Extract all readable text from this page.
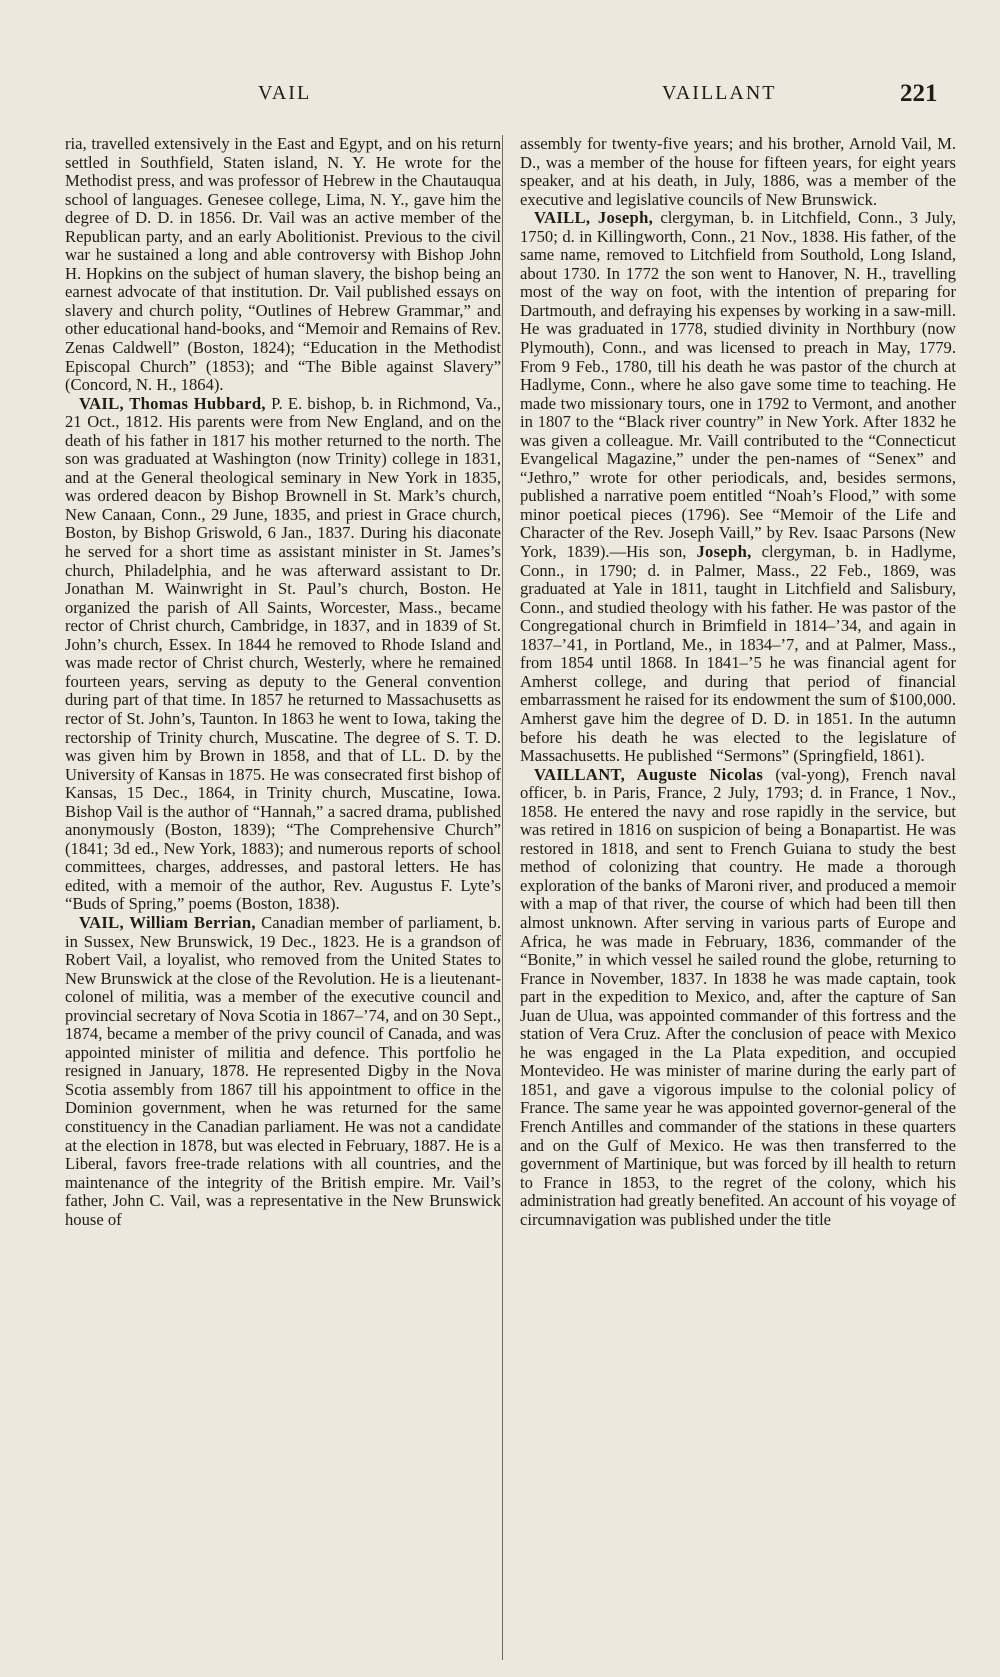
VAIL	VAILLANT	221

ria, travelled extensively in the East and Egypt, and on his return settled in Southfield, Staten island, N. Y. He wrote for the Methodist press, and was professor of Hebrew in the Chautauqua school of languages. Genesee college, Lima, N. Y., gave him the degree of D. D. in 1856. Dr. Vail was an active member of the Republican party, and an early Abolitionist. Previous to the civil war he sustained a long and able controversy with Bishop John H. Hopkins on the subject of human slavery, the bishop being an earnest advocate of that institution. Dr. Vail published essays on slavery and church polity, “Outlines of Hebrew Grammar,” and other educational hand-books, and “Memoir and Remains of Rev. Zenas Caldwell” (Boston, 1824); “Education in the Methodist Episcopal Church” (1853); and “The Bible against Slavery” (Concord, N. H., 1864).

VAIL, Thomas Hubbard, P. E. bishop, b. in Richmond, Va., 21 Oct., 1812. His parents were from New England, and on the death of his father in 1817 his mother returned to the north. The son was graduated at Washington (now Trinity) college in 1831, and at the General theological seminary in New York in 1835, was ordered deacon by Bishop Brownell in St. Mark’s church, New Canaan, Conn., 29 June, 1835, and priest in Grace church, Boston, by Bishop Griswold, 6 Jan., 1837. During his diaconate he served for a short time as assistant minister in St. James’s church, Philadelphia, and he was afterward assistant to Dr. Jonathan M. Wainwright in St. Paul’s church, Boston. He organized the parish of All Saints, Worcester, Mass., became rector of Christ church, Cambridge, in 1837, and in 1839 of St. John’s church, Essex. In 1844 he removed to Rhode Island and was made rector of Christ church, Westerly, where he remained fourteen years, serving as deputy to the General convention during part of that time. In 1857 he returned to Massachusetts as rector of St. John’s, Taunton. In 1863 he went to Iowa, taking the rectorship of Trinity church, Muscatine. The degree of S. T. D. was given him by Brown in 1858, and that of LL. D. by the University of Kansas in 1875. He was consecrated first bishop of Kansas, 15 Dec., 1864, in Trinity church, Muscatine, Iowa. Bishop Vail is the author of “Hannah,” a sacred drama, published anonymously (Boston, 1839); “The Comprehensive Church” (1841; 3d ed., New York, 1883); and numerous reports of school committees, charges, addresses, and pastoral letters. He has edited, with a memoir of the author, Rev. Augustus F. Lyte’s “Buds of Spring,” poems (Boston, 1838).

VAIL, William Berrian, Canadian member of parliament, b. in Sussex, New Brunswick, 19 Dec., 1823. He is a grandson of Robert Vail, a loyalist, who removed from the United States to New Brunswick at the close of the Revolution. He is a lieutenant-colonel of militia, was a member of the executive council and provincial secretary of Nova Scotia in 1867–’74, and on 30 Sept., 1874, became a member of the privy council of Canada, and was appointed minister of militia and defence. This portfolio he resigned in January, 1878. He represented Digby in the Nova Scotia assembly from 1867 till his appointment to office in the Dominion government, when he was returned for the same constituency in the Canadian parliament. He was not a candidate at the election in 1878, but was elected in February, 1887. He is a Liberal, favors free-trade relations with all countries, and the maintenance of the integrity of the British empire. Mr. Vail’s father, John C. Vail, was a representative in the New Brunswick house of

assembly for twenty-five years; and his brother, Arnold Vail, M. D., was a member of the house for fifteen years, for eight years speaker, and at his death, in July, 1886, was a member of the executive and legislative councils of New Brunswick.

VAILL, Joseph, clergyman, b. in Litchfield, Conn., 3 July, 1750; d. in Killingworth, Conn., 21 Nov., 1838. His father, of the same name, removed to Litchfield from Southold, Long Island, about 1730. In 1772 the son went to Hanover, N. H., travelling most of the way on foot, with the intention of preparing for Dartmouth, and defraying his expenses by working in a saw-mill. He was graduated in 1778, studied divinity in Northbury (now Plymouth), Conn., and was licensed to preach in May, 1779. From 9 Feb., 1780, till his death he was pastor of the church at Hadlyme, Conn., where he also gave some time to teaching. He made two missionary tours, one in 1792 to Vermont, and another in 1807 to the “Black river country” in New York. After 1832 he was given a colleague. Mr. Vaill contributed to the “Connecticut Evangelical Magazine,” under the pen-names of “Senex” and “Jethro,” wrote for other periodicals, and, besides sermons, published a narrative poem entitled “Noah’s Flood,” with some minor poetical pieces (1796). See “Memoir of the Life and Character of the Rev. Joseph Vaill,” by Rev. Isaac Parsons (New York, 1839).—His son, Joseph, clergyman, b. in Hadlyme, Conn., in 1790; d. in Palmer, Mass., 22 Feb., 1869, was graduated at Yale in 1811, taught in Litchfield and Salisbury, Conn., and studied theology with his father. He was pastor of the Congregational church in Brimfield in 1814–’34, and again in 1837–’41, in Portland, Me., in 1834–’7, and at Palmer, Mass., from 1854 until 1868. In 1841–’5 he was financial agent for Amherst college, and during that period of financial embarrassment he raised for its endowment the sum of $100,000. Amherst gave him the degree of D. D. in 1851. In the autumn before his death he was elected to the legislature of Massachusetts. He published “Sermons” (Springfield, 1861).

VAILLANT, Auguste Nicolas (val-yong), French naval officer, b. in Paris, France, 2 July, 1793; d. in France, 1 Nov., 1858. He entered the navy and rose rapidly in the service, but was retired in 1816 on suspicion of being a Bonapartist. He was restored in 1818, and sent to French Guiana to study the best method of colonizing that country. He made a thorough exploration of the banks of Maroni river, and produced a memoir with a map of that river, the course of which had been till then almost unknown. After serving in various parts of Europe and Africa, he was made in February, 1836, commander of the “Bonite,” in which vessel he sailed round the globe, returning to France in November, 1837. In 1838 he was made captain, took part in the expedition to Mexico, and, after the capture of San Juan de Ulua, was appointed commander of this fortress and the station of Vera Cruz. After the conclusion of peace with Mexico he was engaged in the La Plata expedition, and occupied Montevideo. He was minister of marine during the early part of 1851, and gave a vigorous impulse to the colonial policy of France. The same year he was appointed governor-general of the French Antilles and commander of the stations in these quarters and on the Gulf of Mexico. He was then transferred to the government of Martinique, but was forced by ill health to return to France in 1853, to the regret of the colony, which his administration had greatly benefited. An account of his voyage of circumnavigation was published under the title
